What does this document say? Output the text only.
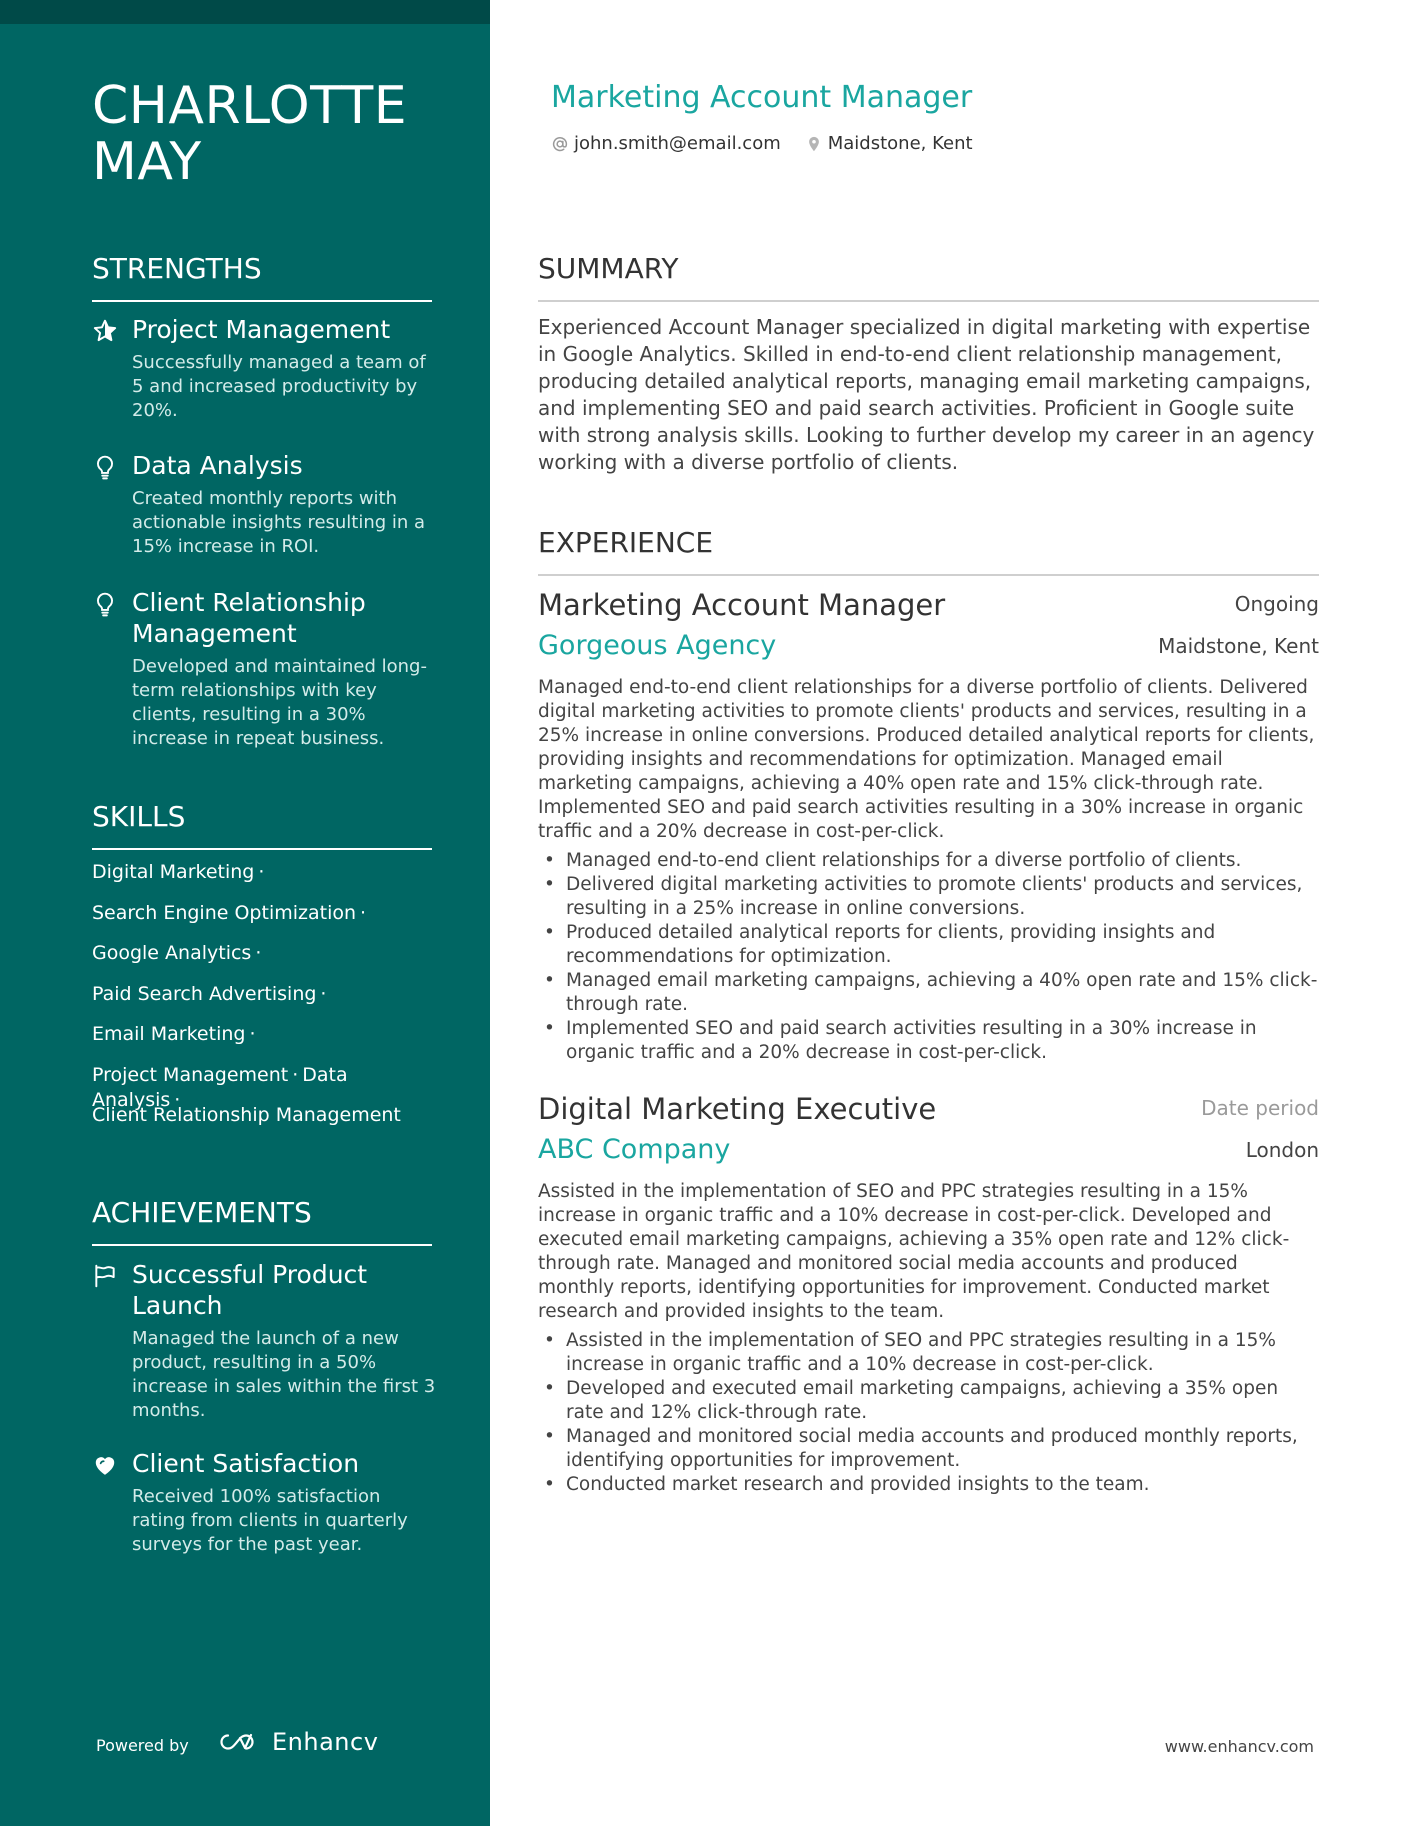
CHARLOTTE MAY
STRENGTHS
Project Management
Successfully managed a team of 5 and increased productivity by 20%.
Data Analysis
Created monthly reports with actionable insights resulting in a 15% increase in ROI.
Client Relationship Management
Developed and maintained long-term relationships with key clients, resulting in a 30% increase in repeat business.
SKILLS
Digital Marketing ·
Search Engine Optimization ·
Google Analytics ·
Paid Search Advertising ·
Email Marketing ·
Project Management · Data Analysis ·
Client Relationship Management
ACHIEVEMENTS
Successful Product Launch
Managed the launch of a new product, resulting in a 50% increase in sales within the first 3 months.
Client Satisfaction
Received 100% satisfaction rating from clients in quarterly surveys for the past year.
Powered by	Enhancv
Marketing Account Manager
john.smith@email.com	Maidstone, Kent
SUMMARY
Experienced Account Manager specialized in digital marketing with expertise in Google Analytics. Skilled in end-to-end client relationship management, producing detailed analytical reports, managing email marketing campaigns, and implementing SEO and paid search activities. Proficient in Google suite with strong analysis skills. Looking to further develop my career in an agency working with a diverse portfolio of clients.
EXPERIENCE
Marketing Account Manager	Ongoing
Gorgeous Agency	Maidstone, Kent
Managed end-to-end client relationships for a diverse portfolio of clients. Delivered digital marketing activities to promote clients' products and services, resulting in a 25% increase in online conversions. Produced detailed analytical reports for clients, providing insights and recommendations for optimization. Managed email marketing campaigns, achieving a 40% open rate and 15% click-through rate. Implemented SEO and paid search activities resulting in a 30% increase in organic traffic and a 20% decrease in cost-per-click.
• Managed end-to-end client relationships for a diverse portfolio of clients.
• Delivered digital marketing activities to promote clients' products and services, resulting in a 25% increase in online conversions.
• Produced detailed analytical reports for clients, providing insights and recommendations for optimization.
• Managed email marketing campaigns, achieving a 40% open rate and 15% click-through rate.
• Implemented SEO and paid search activities resulting in a 30% increase in organic traffic and a 20% decrease in cost-per-click.
Digital Marketing Executive	Date period
ABC Company	London
Assisted in the implementation of SEO and PPC strategies resulting in a 15% increase in organic traffic and a 10% decrease in cost-per-click. Developed and executed email marketing campaigns, achieving a 35% open rate and 12% click-through rate. Managed and monitored social media accounts and produced monthly reports, identifying opportunities for improvement. Conducted market research and provided insights to the team.
• Assisted in the implementation of SEO and PPC strategies resulting in a 15% increase in organic traffic and a 10% decrease in cost-per-click.
• Developed and executed email marketing campaigns, achieving a 35% open rate and 12% click-through rate.
• Managed and monitored social media accounts and produced monthly reports, identifying opportunities for improvement.
• Conducted market research and provided insights to the team.
www.enhancv.com
